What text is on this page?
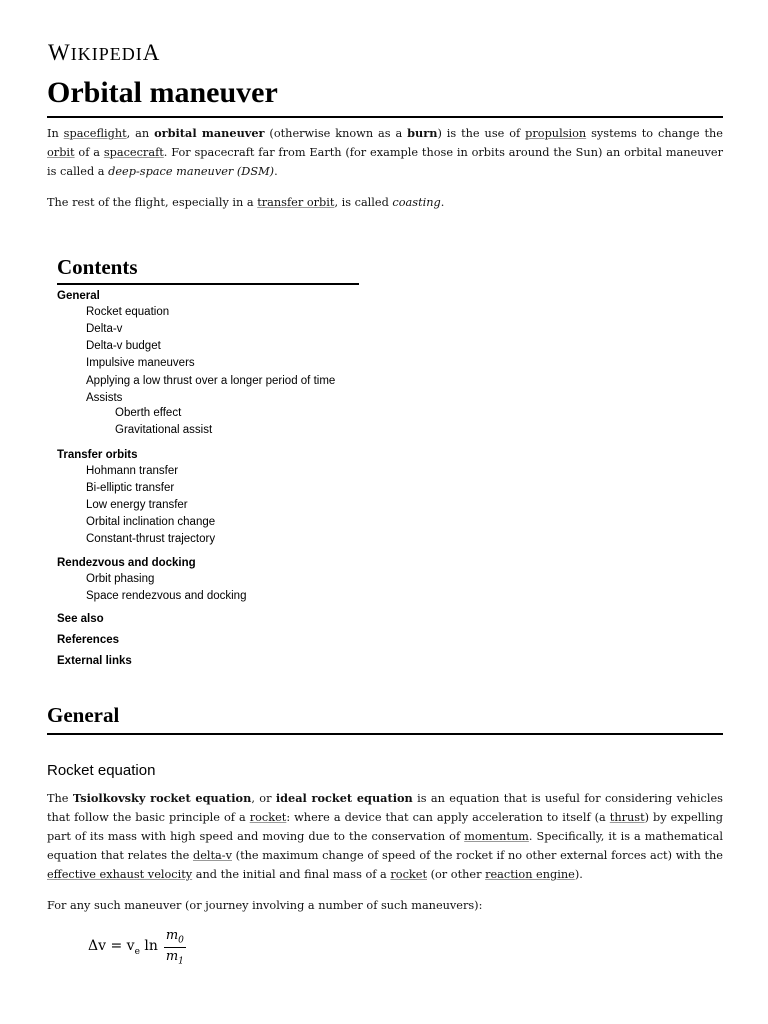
WIKIPEDIA
Orbital maneuver

In spaceflight, an orbital maneuver (otherwise known as a burn) is the use of propulsion systems to change the orbit of a spacecraft. For spacecraft far from Earth (for example those in orbits around the Sun) an orbital maneuver is called a deep-space maneuver (DSM).

The rest of the flight, especially in a transfer orbit, is called coasting.

Contents
General
Rocket equation
Delta-v
Delta-v budget
Impulsive maneuvers
Applying a low thrust over a longer period of time
Assists
Oberth effect
Gravitational assist
Transfer orbits
Hohmann transfer
Bi-elliptic transfer
Low energy transfer
Orbital inclination change
Constant-thrust trajectory
Rendezvous and docking
Orbit phasing
Space rendezvous and docking
See also
References
External links
General
Rocket equation

The Tsiolkovsky rocket equation, or ideal rocket equation is an equation that is useful for considering vehicles that follow the basic principle of a rocket: where a device that can apply acceleration to itself (a thrust) by expelling part of its mass with high speed and moving due to the conservation of momentum. Specifically, it is a mathematical equation that relates the delta-v (the maximum change of speed of the rocket if no other external forces act) with the effective exhaust velocity and the initial and final mass of a rocket (or other reaction engine).

For any such maneuver (or journey involving a number of such maneuvers):

$\Delta v = v_e$ $\ln \frac{m_0}{m_1}$
